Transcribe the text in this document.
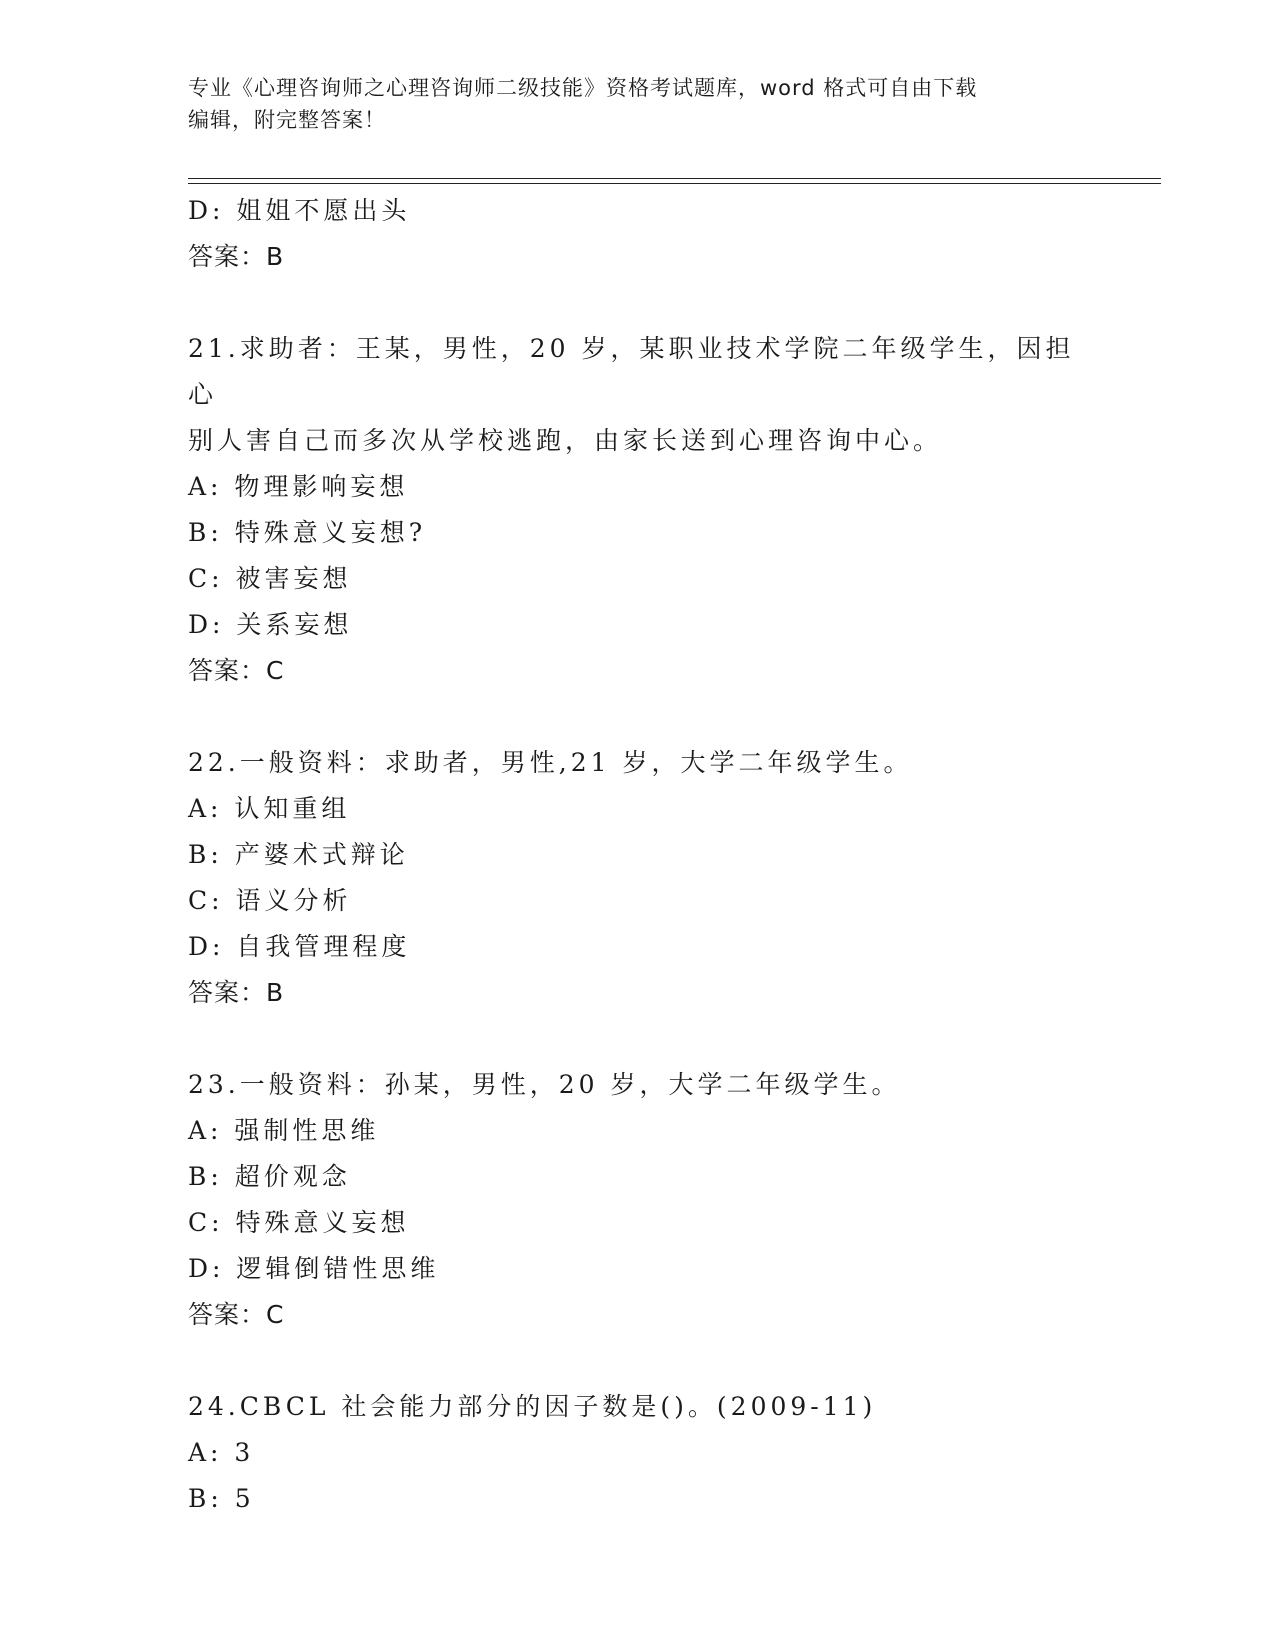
专业《心理咨询师之心理咨询师二级技能》资格考试题库，word 格式可自由下载
编辑，附完整答案！
D: 姐姐不愿出头
答案：B
21.求助者：王某，男性，20 岁，某职业技术学院二年级学生，因担心
别人害自己而多次从学校逃跑，由家长送到心理咨询中心。
A: 物理影响妄想
B: 特殊意义妄想?
C: 被害妄想
D: 关系妄想
答案：C
22.一般资料：求助者，男性,21 岁，大学二年级学生。
A: 认知重组
B: 产婆术式辩论
C: 语义分析
D: 自我管理程度
答案：B
23.一般资料：孙某，男性，20 岁，大学二年级学生。
A: 强制性思维
B: 超价观念
C: 特殊意义妄想
D: 逻辑倒错性思维
答案：C
24.CBCL 社会能力部分的因子数是()。(2009-11)
A: 3
B: 5
